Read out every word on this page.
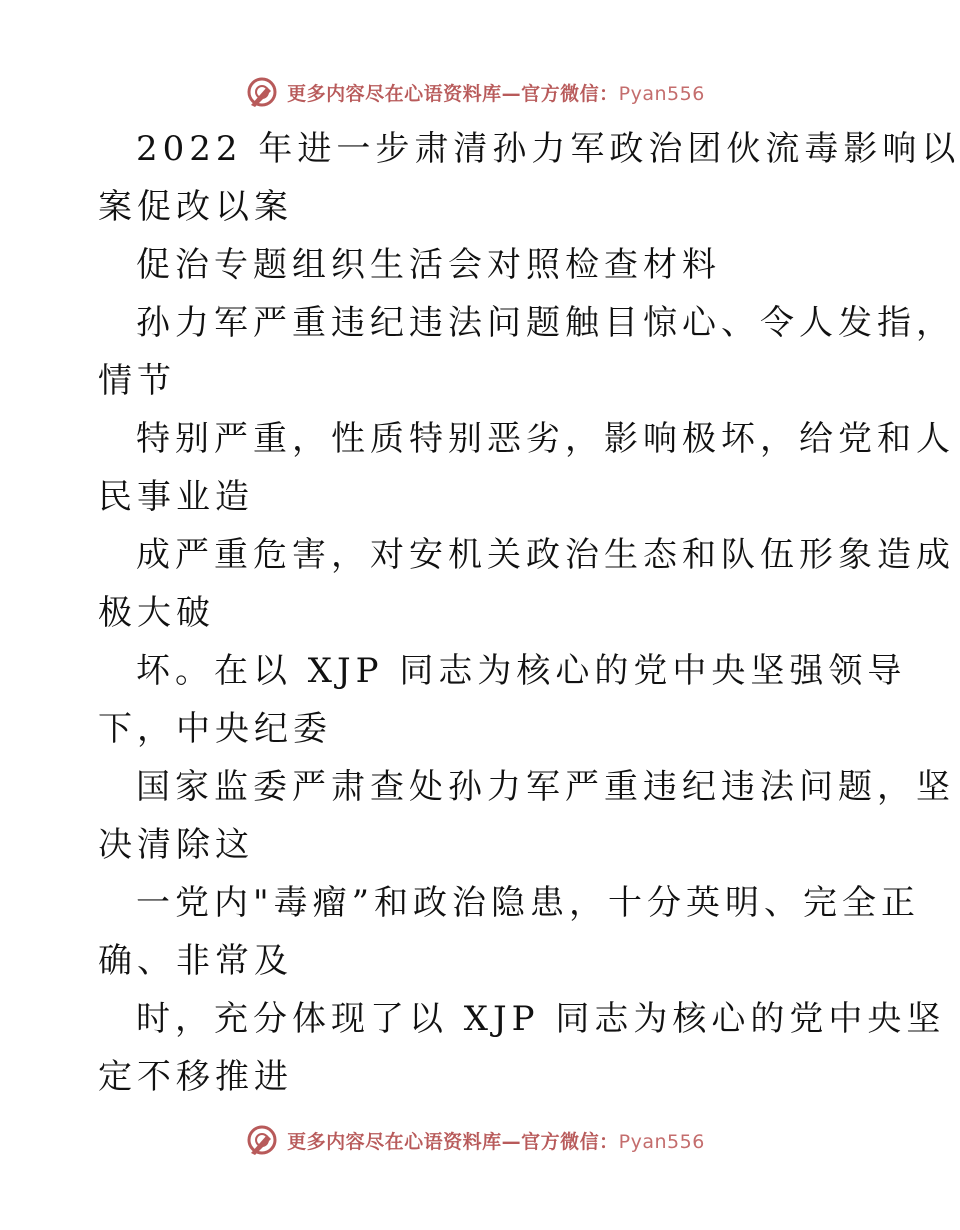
更多内容尽在心语资料库—官方微信：Pyan556
2022 年进一步肃清孙力军政治团伙流毒影响以
案促改以案
促治专题组织生活会对照检查材料
孙力军严重违纪违法问题触目惊心、令人发指，
情节
特别严重，性质特别恶劣，影响极坏，给党和人
民事业造
成严重危害，对安机关政治生态和队伍形象造成
极大破
坏。在以 XJP 同志为核心的党中央坚强领导
下，中央纪委
国家监委严肃查处孙力军严重违纪违法问题，坚
决清除这
一党内"毒瘤”和政治隐患，十分英明、完全正
确、非常及
时，充分体现了以 XJP 同志为核心的党中央坚
定不移推进
更多内容尽在心语资料库—官方微信：Pyan556
